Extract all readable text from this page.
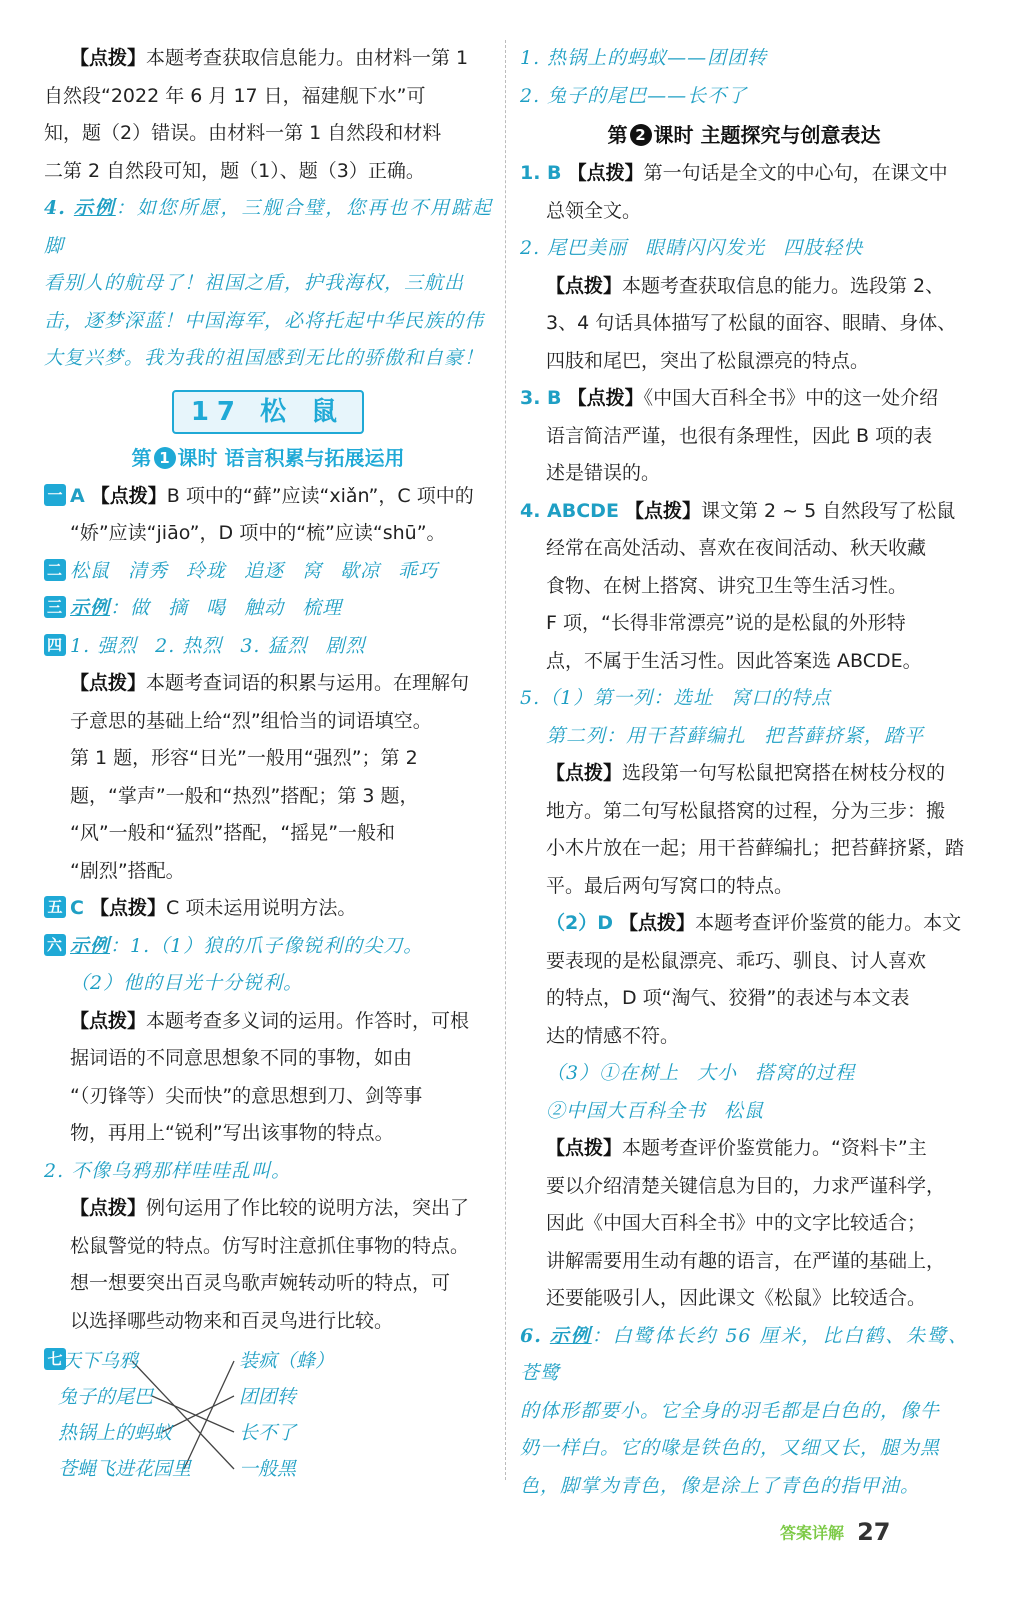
【点拨】本题考查获取信息能力。由材料一第 1

自然段“2022 年 6 月 17 日，福建舰下水”可

知，题（2）错误。由材料一第 1 自然段和材料

二第 2 自然段可知，题（1）、题（3）正确。

4. 示例：如您所愿，三舰合璧，您再也不用踮起脚

看别人的航母了！祖国之盾，护我海权，三航出

击，逐梦深蓝！中国海军，必将托起中华民族的伟

大复兴梦。我为我的祖国感到无比的骄傲和自豪！

17 松 鼠
第 1 课时 语言积累与拓展运用

一 A 【点拨】B 项中的“藓”应读“xiǎn”，C 项中的

“娇”应读“jiāo”，D 项中的“梳”应读“shū”。

二 松鼠 清秀 玲珑 追逐 窝 歇凉 乖巧

三 示例：做 摘 喝 触动 梳理

四 1. 强烈 2. 热烈 3. 猛烈 剧烈

【点拨】本题考查词语的积累与运用。在理解句

子意思的基础上给“烈”组恰当的词语填空。

第 1 题，形容“日光”一般用“强烈”；第 2

题，“掌声”一般和“热烈”搭配；第 3 题，

“风”一般和“猛烈”搭配，“摇晃”一般和

“剧烈”搭配。

五 C 【点拨】C 项未运用说明方法。

六 示例：1.（1）狼的爪子像锐利的尖刀。

（2）他的目光十分锐利。

【点拨】本题考查多义词的运用。作答时，可根

据词语的不同意思想象不同的事物，如由

“（刃锋等）尖而快”的意思想到刀、剑等事

物，再用上“锐利”写出该事物的特点。

2. 不像乌鸦那样哇哇乱叫。

【点拨】例句运用了作比较的说明方法，突出了

松鼠警觉的特点。仿写时注意抓住事物的特点。

想一想要突出百灵鸟歌声婉转动听的特点，可

以选择哪些动物来和百灵鸟进行比较。

七 天下乌鸦
兔子的尾巴
热锅上的蚂蚁
苍蝇飞进花园里
装疯（蜂）
团团转
长不了
一般黑

1. 热锅上的蚂蚁——团团转

2. 兔子的尾巴——长不了

第 2 课时 主题探究与创意表达

1. B 【点拨】第一句话是全文的中心句，在课文中

总领全文。

2. 尾巴美丽 眼睛闪闪发光 四肢轻快

【点拨】本题考查获取信息的能力。选段第 2、

3、4 句话具体描写了松鼠的面容、眼睛、身体、

四肢和尾巴，突出了松鼠漂亮的特点。

3. B 【点拨】《中国大百科全书》中的这一处介绍

语言简洁严谨，也很有条理性，因此 B 项的表

述是错误的。

4. ABCDE 【点拨】课文第 2 ~ 5 自然段写了松鼠

经常在高处活动、喜欢在夜间活动、秋天收藏

食物、在树上搭窝、讲究卫生等生活习性。

F 项，“长得非常漂亮”说的是松鼠的外形特

点，不属于生活习性。因此答案选 ABCDE。

5.（1）第一列：选址 窝口的特点

第二列：用干苔藓编扎 把苔藓挤紧，踏平

【点拨】选段第一句写松鼠把窝搭在树枝分杈的

地方。第二句写松鼠搭窝的过程，分为三步：搬

小木片放在一起；用干苔藓编扎；把苔藓挤紧，踏

平。最后两句写窝口的特点。

（2）D 【点拨】本题考查评价鉴赏的能力。本文

要表现的是松鼠漂亮、乖巧、驯良、讨人喜欢

的特点，D 项“淘气、狡猾”的表述与本文表

达的情感不符。

（3）①在树上 大小 搭窝的过程

②中国大百科全书 松鼠

【点拨】本题考查评价鉴赏能力。“资料卡”主

要以介绍清楚关键信息为目的，力求严谨科学，

因此《中国大百科全书》中的文字比较适合；

讲解需要用生动有趣的语言，在严谨的基础上，

还要能吸引人，因此课文《松鼠》比较适合。

6. 示例：白鹭体长约 56 厘米，比白鹤、朱鹭、苍鹭

的体形都要小。它全身的羽毛都是白色的，像牛

奶一样白。它的喙是铁色的，又细又长，腿为黑

色，脚掌为青色，像是涂上了青色的指甲油。

答案详解 27
